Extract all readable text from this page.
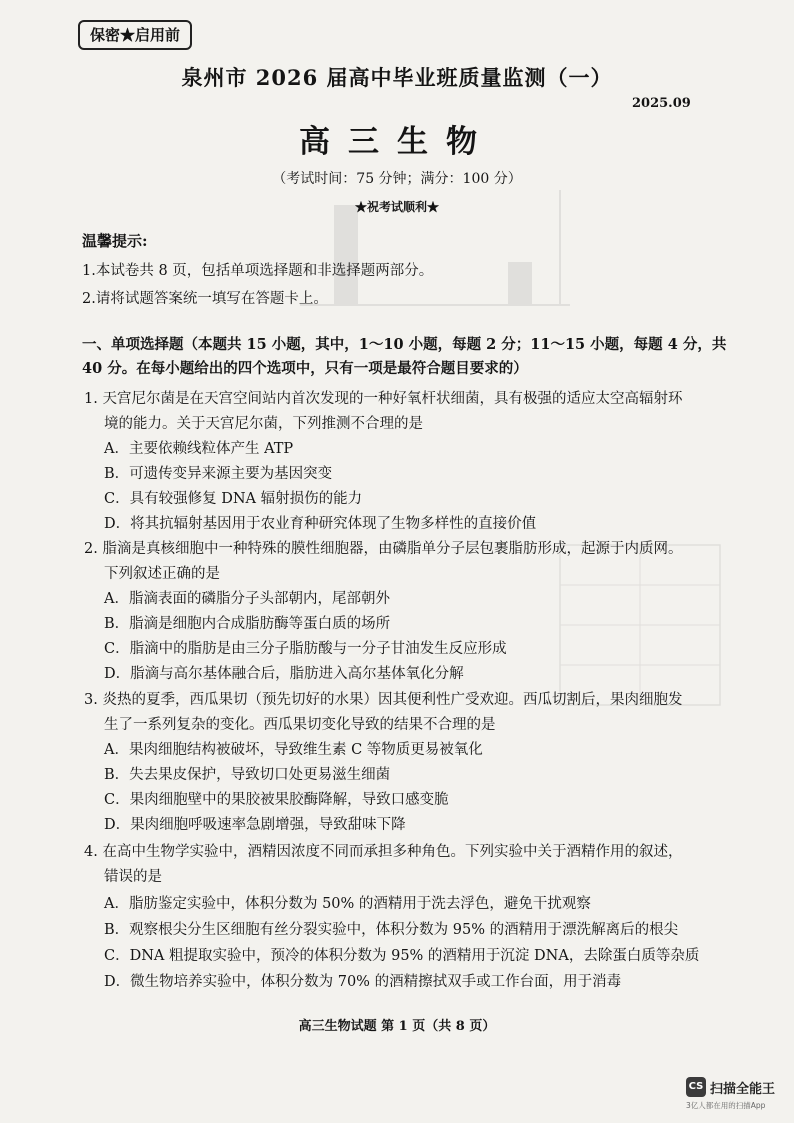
保密★启用前
泉州市 2026 届高中毕业班质量监测（一）
2025.09
高三生物
（考试时间：75 分钟；满分：100 分）
★祝考试顺利★
温馨提示:
1.本试卷共 8 页，包括单项选择题和非选择题两部分。
2.请将试题答案统一填写在答题卡上。
一、单项选择题（本题共 15 小题，其中，1～10 小题，每题 2 分；11～15 小题，每题 4 分，共
40 分。在每小题给出的四个选项中，只有一项是最符合题目要求的）
1. 天宫尼尔菌是在天宫空间站内首次发现的一种好氧杆状细菌，具有极强的适应太空高辐射环
境的能力。关于天宫尼尔菌，下列推测不合理的是
A．主要依赖线粒体产生 ATP
B．可遗传变异来源主要为基因突变
C．具有较强修复 DNA 辐射损伤的能力
D．将其抗辐射基因用于农业育种研究体现了生物多样性的直接价值
2. 脂滴是真核细胞中一种特殊的膜性细胞器，由磷脂单分子层包裹脂肪形成，起源于内质网。
下列叙述正确的是
A．脂滴表面的磷脂分子头部朝内，尾部朝外
B．脂滴是细胞内合成脂肪酶等蛋白质的场所
C．脂滴中的脂肪是由三分子脂肪酸与一分子甘油发生反应形成
D．脂滴与高尔基体融合后，脂肪进入高尔基体氧化分解
3. 炎热的夏季，西瓜果切（预先切好的水果）因其便利性广受欢迎。西瓜切割后，果肉细胞发
生了一系列复杂的变化。西瓜果切变化导致的结果不合理的是
A．果肉细胞结构被破坏，导致维生素 C 等物质更易被氧化
B．失去果皮保护，导致切口处更易滋生细菌
C．果肉细胞壁中的果胶被果胶酶降解，导致口感变脆
D．果肉细胞呼吸速率急剧增强，导致甜味下降
4. 在高中生物学实验中，酒精因浓度不同而承担多种角色。下列实验中关于酒精作用的叙述，
错误的是
A．脂肪鉴定实验中，体积分数为 50% 的酒精用于洗去浮色，避免干扰观察
B．观察根尖分生区细胞有丝分裂实验中，体积分数为 95% 的酒精用于漂洗解离后的根尖
C．DNA 粗提取实验中，预冷的体积分数为 95% 的酒精用于沉淀 DNA，去除蛋白质等杂质
D．微生物培养实验中，体积分数为 70% 的酒精擦拭双手或工作台面，用于消毒
高三生物试题 第 1 页（共 8 页）
CS 扫描全能王
3亿人都在用的扫描App
